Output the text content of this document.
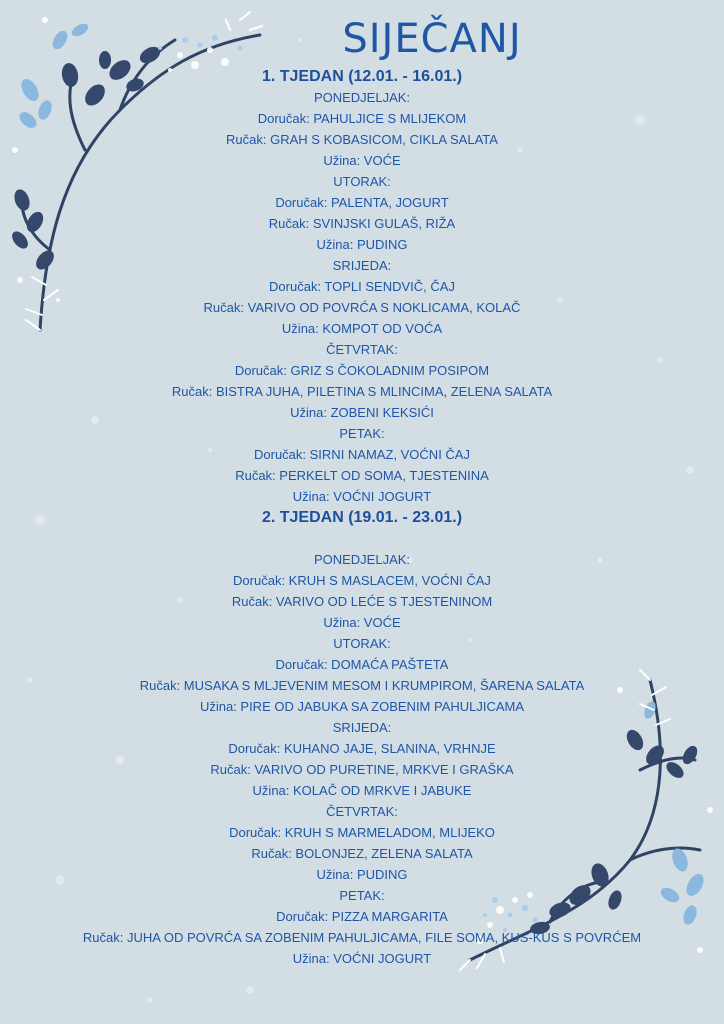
SIJEČANJ
1. TJEDAN (12.01. - 16.01.)
PONEDJELJAK:
Doručak: PAHULJICE S MLIJEKOM
Ručak: GRAH S KOBASICOM, CIKLA SALATA
Užina: VOĆE
UTORAK:
Doručak: PALENTA, JOGURT
Ručak: SVINJSKI GULAŠ, RIŽA
Užina: PUDING
SRIJEDA:
Doručak: TOPLI SENDVIČ, ČAJ
Ručak: VARIVO OD POVRĆA S NOKLICAMA, KOLAČ
Užina: KOMPOT OD VOĆA
ČETVRTAK:
Doručak: GRIZ S ČOKOLADNIM POSIPOM
Ručak: BISTRA JUHA, PILETINA S MLINCIMA, ZELENA SALATA
Užina: ZOBENI KEKSIĆI
PETAK:
Doručak: SIRNI NAMAZ, VOĆNI ČAJ
Ručak: PERKELT OD SOMA, TJESTENINA
Užina: VOĆNI JOGURT
2. TJEDAN (19.01. - 23.01.)
PONEDJELJAK:
Doručak: KRUH S MASLACEM, VOĆNI ČAJ
Ručak: VARIVO OD LEĆE S TJESTENINOM
Užina: VOĆE
UTORAK:
Doručak: DOMAĆA PAŠTETA
Ručak: MUSAKA S MLJEVENIM MESOM I KRUMPIROM, ŠARENA SALATA
Užina: PIRE OD JABUKA SA ZOBENIM PAHULJICAMA
SRIJEDA:
Doručak: KUHANO JAJE, SLANINA, VRHNJE
Ručak: VARIVO OD PURETINE, MRKVE I GRAŠKA
Užina: KOLAČ OD MRKVE I JABUKE
ČETVRTAK:
Doručak: KRUH S MARMELADOM, MLIJEKO
Ručak: BOLONJEZ, ZELENA SALATA
Užina: PUDING
PETAK:
Doručak: PIZZA MARGARITA
Ručak: JUHA OD POVRĆA SA ZOBENIM PAHULJICAMA, FILE SOMA, KUS-KUS S POVRĆEM
Užina: VOĆNI JOGURT
